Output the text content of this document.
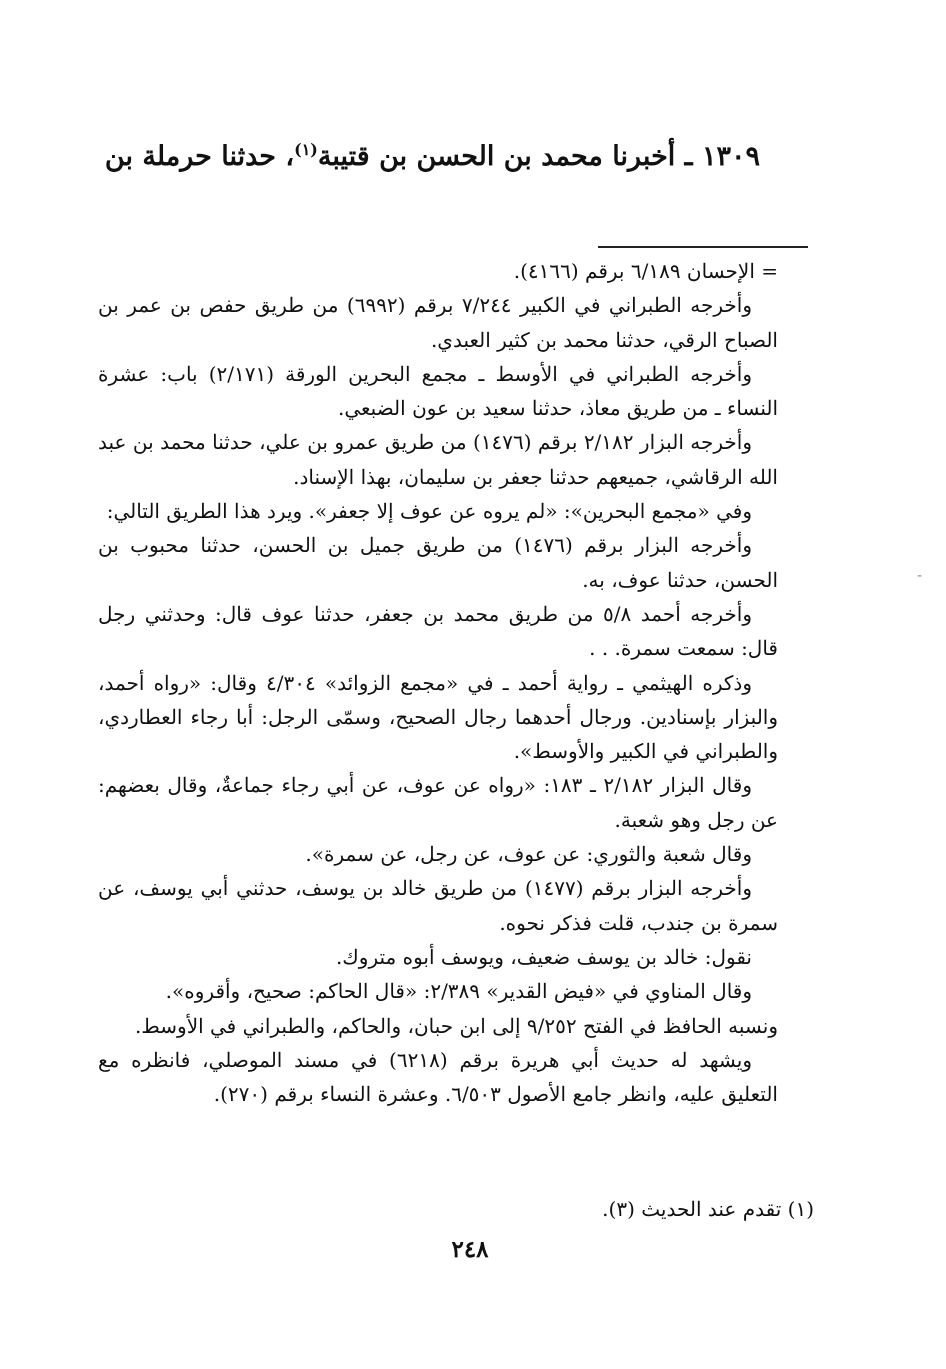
١٣٠٩ ـ أخبرنا محمد بن الحسن بن قتيبة$^{(١)}$، حدثنا حرملة بن

= الإحسان ٦/١٨٩ برقم (٤١٦٦).

وأخرجه الطبراني في الكبير ٧/٢٤٤ برقم (٦٩٩٢) من طريق حفص بن عمر بن الصباح الرقي، حدثنا محمد بن كثير العبدي.

وأخرجه الطبراني في الأوسط ـ مجمع البحرين الورقة (٢/١٧١) باب: عشرة النساء ـ من طريق معاذ، حدثنا سعيد بن عون الضبعي.

وأخرجه البزار ٢/١٨٢ برقم (١٤٧٦) من طريق عمرو بن علي، حدثنا محمد بن عبد الله الرقاشي، جميعهم حدثنا جعفر بن سليمان، بهذا الإسناد.

وفي «مجمع البحرين»: «لم يروه عن عوف إلا جعفر». ويرد هذا الطريق التالي:

وأخرجه البزار برقم (١٤٧٦) من طريق جميل بن الحسن، حدثنا محبوب بن الحسن، حدثنا عوف، به.

وأخرجه أحمد ٥/٨ من طريق محمد بن جعفر، حدثنا عوف قال: وحدثني رجل قال: سمعت سمرة. . .

وذكره الهيثمي ـ رواية أحمد ـ في «مجمع الزوائد» ٤/٣٠٤ وقال: «رواه أحمد، والبزار بإسنادين. ورجال أحدهما رجال الصحيح، وسمّى الرجل: أبا رجاء العطاردي، والطبراني في الكبير والأوسط».

وقال البزار ٢/١٨٢ ـ ١٨٣: «رواه عن عوف، عن أبي رجاء جماعةٌ، وقال بعضهم: عن رجل وهو شعبة.

وقال شعبة والثوري: عن عوف، عن رجل، عن سمرة».

وأخرجه البزار برقم (١٤٧٧) من طريق خالد بن يوسف، حدثني أبي يوسف، عن سمرة بن جندب، قلت فذكر نحوه.

نقول: خالد بن يوسف ضعيف، ويوسف أبوه متروك.

وقال المناوي في «فيض القدير» ٢/٣٨٩: «قال الحاكم: صحيح، وأقروه».

ونسبه الحافظ في الفتح ٩/٢٥٢ إلى ابن حبان، والحاكم، والطبراني في الأوسط.

ويشهد له حديث أبي هريرة برقم (٦٢١٨) في مسند الموصلي، فانظره مع التعليق عليه، وانظر جامع الأصول ٦/٥٠٣. وعشرة النساء برقم (٢٧٠).

(١) تقدم عند الحديث (٣).
٢٤٨
-
